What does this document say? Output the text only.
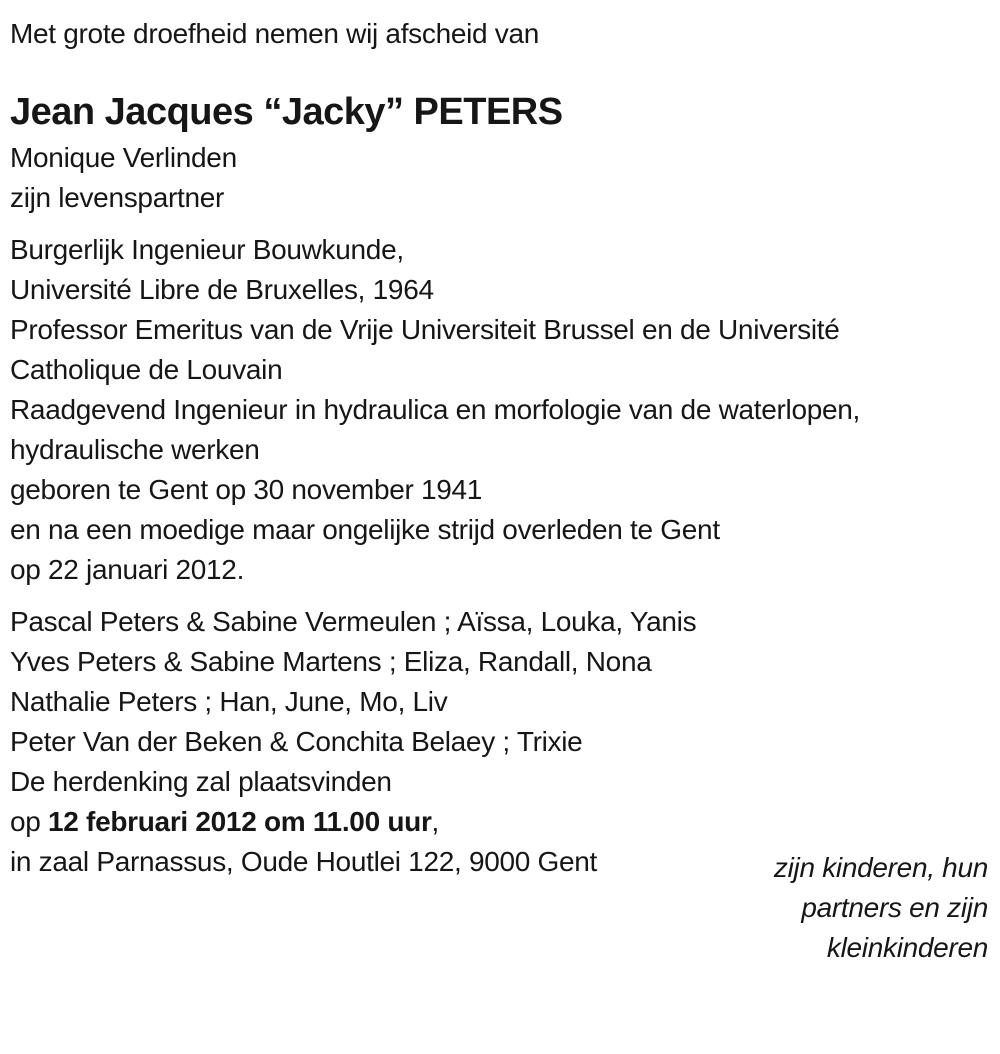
Met grote droefheid nemen wij afscheid van

Jean Jacques “Jacky” PETERS

Monique Verlinden

zijn levenspartner

Burgerlijk Ingenieur Bouwkunde,
Université Libre de Bruxelles, 1964
Professor Emeritus van de Vrije Universiteit Brussel en de Université
Catholique de Louvain
Raadgevend Ingenieur in hydraulica en morfologie van de waterlopen,
hydraulische werken

geboren te Gent op 30 november 1941

en na een moedige maar ongelijke strijd overleden te Gent

op 22 januari 2012.

Pascal Peters & Sabine Vermeulen ; Aïssa, Louka, Yanis
Yves Peters & Sabine Martens ; Eliza, Randall, Nona
Nathalie Peters ; Han, June, Mo, Liv
Peter Van der Beken & Conchita Belaey ; Trixie
zijn kinderen, hun
partners en zijn
kleinkinderen

De herdenking zal plaatsvinden

op 12 februari 2012 om 11.00 uur,

in zaal Parnassus, Oude Houtlei 122, 9000 Gent
